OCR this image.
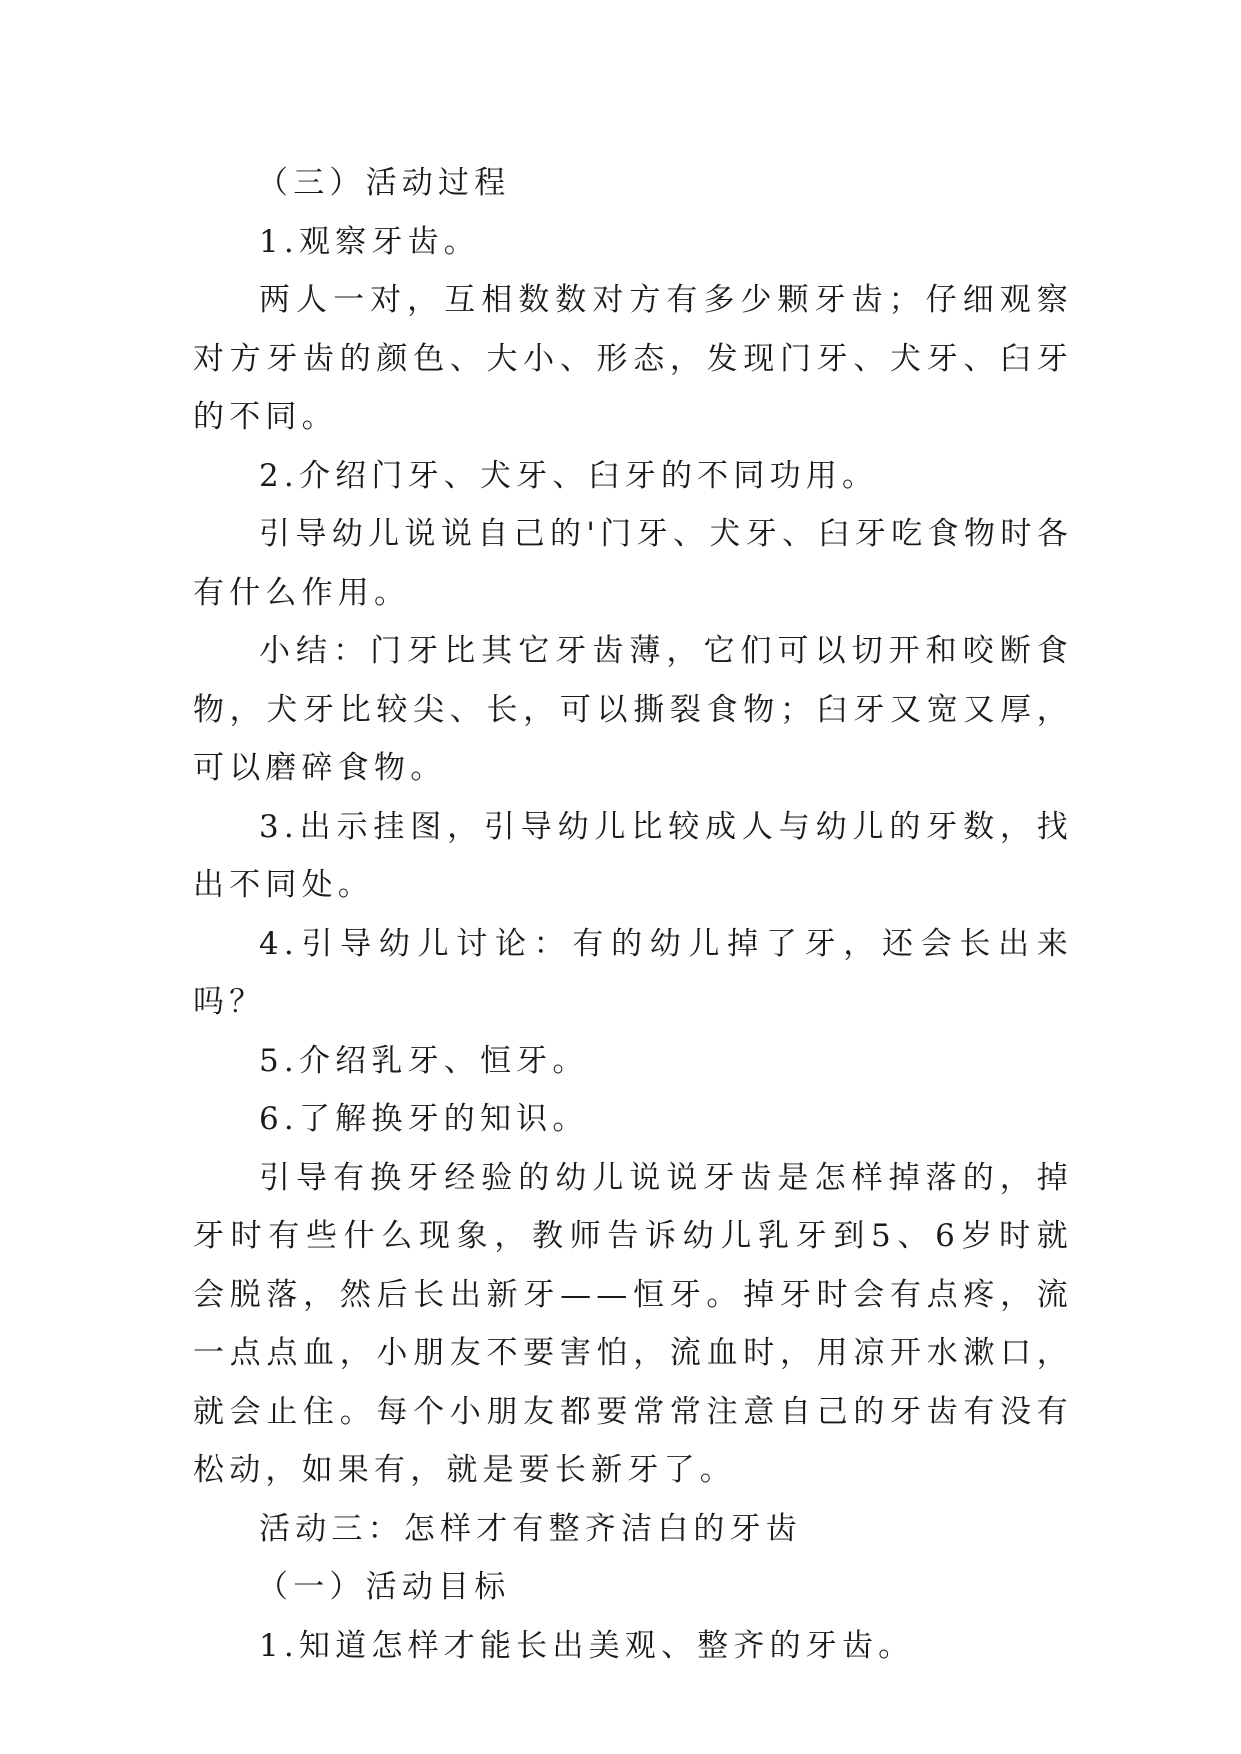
（三）活动过程

1.观察牙齿。

两人一对，互相数数对方有多少颗牙齿；仔细观察对方牙齿的颜色、大小、形态，发现门牙、犬牙、臼牙的不同。

2.介绍门牙、犬牙、臼牙的不同功用。

引导幼儿说说自己的'门牙、犬牙、臼牙吃食物时各有什么作用。

小结：门牙比其它牙齿薄，它们可以切开和咬断食物，犬牙比较尖、长，可以撕裂食物；臼牙又宽又厚，可以磨碎食物。

3.出示挂图，引导幼儿比较成人与幼儿的牙数，找出不同处。

4.引导幼儿讨论：有的幼儿掉了牙，还会长出来吗？

5.介绍乳牙、恒牙。

6.了解换牙的知识。

引导有换牙经验的幼儿说说牙齿是怎样掉落的，掉牙时有些什么现象，教师告诉幼儿乳牙到5、6岁时就会脱落，然后长出新牙——恒牙。掉牙时会有点疼，流一点点血，小朋友不要害怕，流血时，用凉开水漱口，就会止住。每个小朋友都要常常注意自己的牙齿有没有松动，如果有，就是要长新牙了。

活动三：怎样才有整齐洁白的牙齿

（一）活动目标

1.知道怎样才能长出美观、整齐的牙齿。
